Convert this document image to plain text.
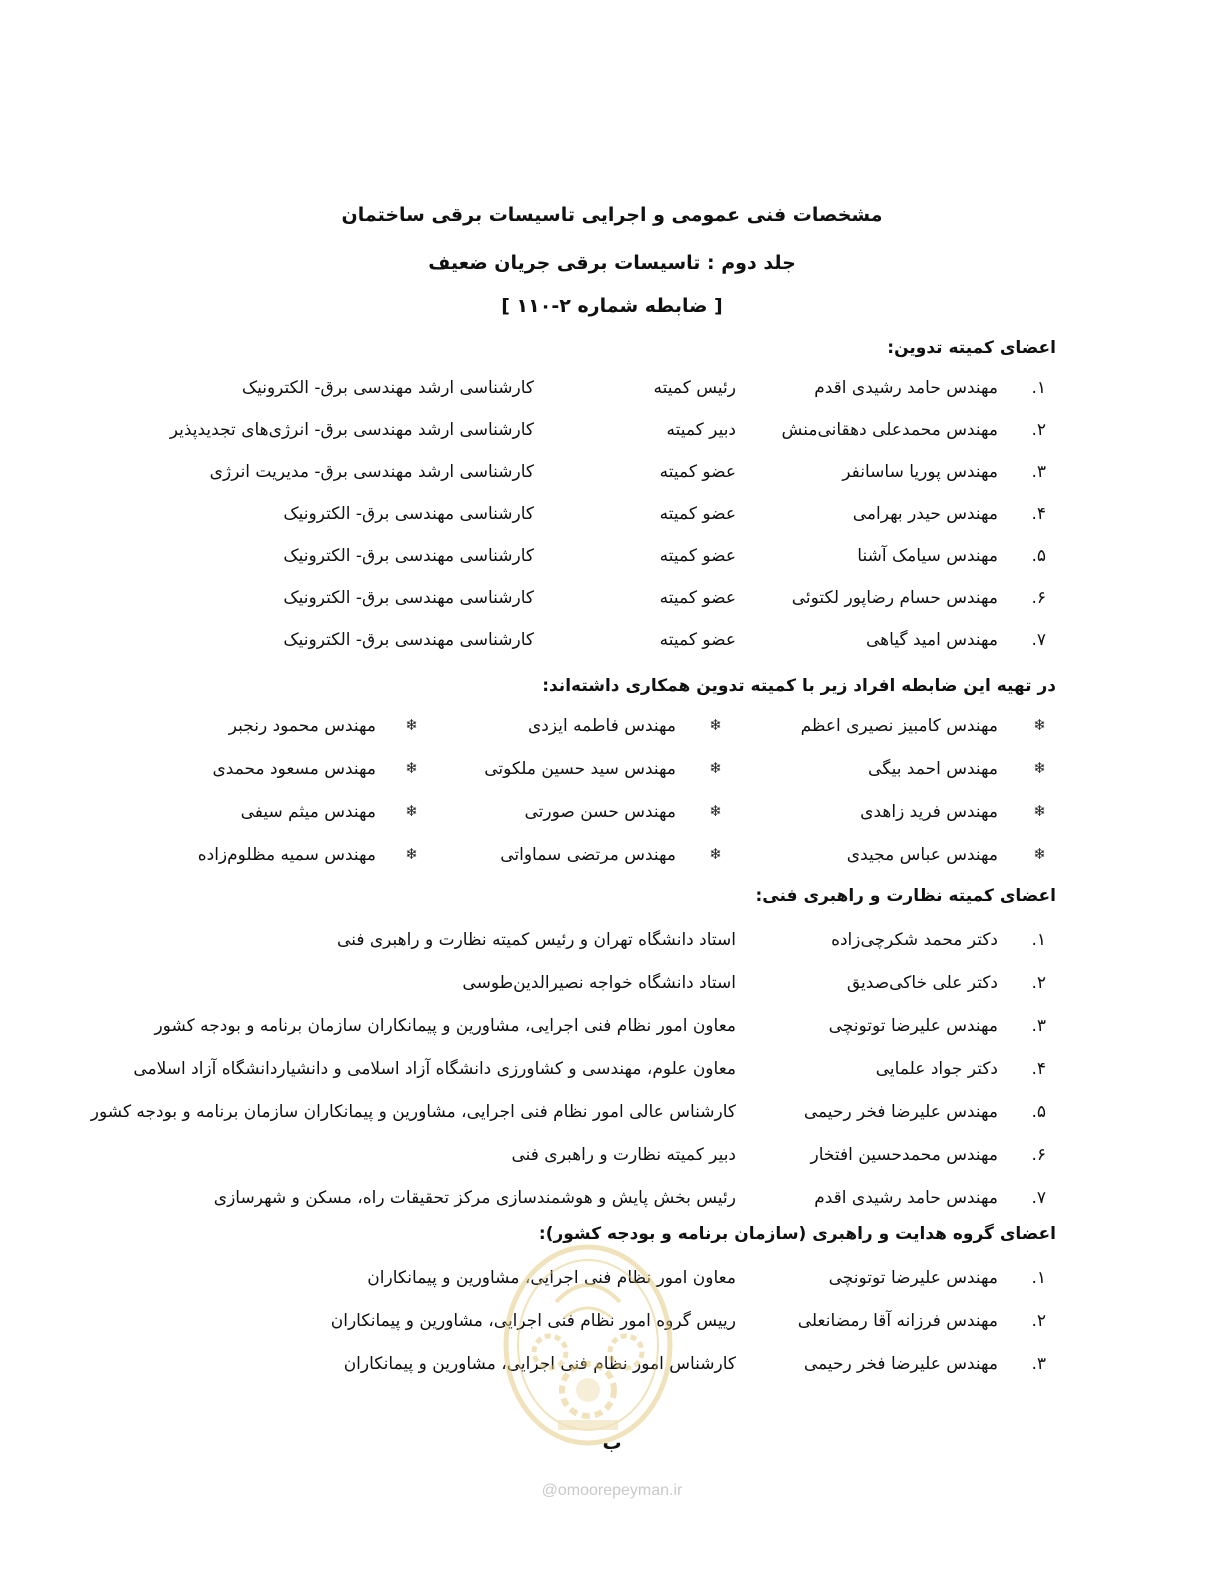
مشخصات فنی عمومی و اجرایی تاسیسات برقی ساختمان
جلد دوم : تاسیسات برقی جریان ضعیف
[ ضابطه شماره ۲-۱۱۰ ]
اعضای کمیته تدوین:
۱.
مهندس حامد رشیدی اقدم
رئیس کمیته
کارشناسی ارشد مهندسی برق- الکترونیک
۲.
مهندس محمدعلی دهقانی‌منش
دبیر کمیته
کارشناسی ارشد مهندسی برق- انرژی‌های تجدیدپذیر
۳.
مهندس پوریا ساسانفر
عضو کمیته
کارشناسی ارشد مهندسی برق- مدیریت انرژی
۴.
مهندس حیدر بهرامی
عضو کمیته
کارشناسی مهندسی برق- الکترونیک
۵.
مهندس سیامک آشنا
عضو کمیته
کارشناسی مهندسی برق- الکترونیک
۶.
مهندس حسام رضاپور لکتوئی
عضو کمیته
کارشناسی مهندسی برق- الکترونیک
۷.
مهندس امید گیاهی
عضو کمیته
کارشناسی مهندسی برق- الکترونیک
در تهیه این ضابطه افراد زیر با کمیته تدوین همکاری داشته‌اند:
❄
مهندس کامبیز نصیری اعظم
❄
مهندس فاطمه ایزدی
❄
مهندس محمود رنجبر
❄
مهندس احمد بیگی
❄
مهندس سید حسین ملکوتی
❄
مهندس مسعود محمدی
❄
مهندس فرید زاهدی
❄
مهندس حسن صورتی
❄
مهندس میثم سیفی
❄
مهندس عباس مجیدی
❄
مهندس مرتضی سماواتی
❄
مهندس سمیه مظلوم‌زاده
اعضای کمیته نظارت و راهبری فنی:
۱.
دکتر محمد شکرچی‌زاده
استاد دانشگاه تهران و رئیس کمیته نظارت و راهبری فنی
۲.
دکتر علی خاکی‌صدیق
استاد دانشگاه خواجه نصیرالدین‌طوسی
۳.
مهندس علیرضا توتونچی
معاون امور نظام فنی اجرایی، مشاورین و پیمانکاران سازمان برنامه و بودجه کشور
۴.
دکتر جواد علمایی
معاون علوم، مهندسی و کشاورزی دانشگاه آزاد اسلامی و دانشیاردانشگاه آزاد اسلامی
۵.
مهندس علیرضا فخر رحیمی
کارشناس عالی امور نظام فنی اجرایی، مشاورین و پیمانکاران سازمان برنامه و بودجه کشور
۶.
مهندس محمدحسین افتخار
دبیر کمیته نظارت و راهبری فنی
۷.
مهندس حامد رشیدی اقدم
رئیس بخش پایش و هوشمندسازی مرکز تحقیقات راه، مسکن و شهرسازی
اعضای گروه هدایت و راهبری (سازمان برنامه و بودجه کشور):
۱.
مهندس علیرضا توتونچی
معاون امور نظام فنی اجرایی، مشاورین و پیمانکاران
۲.
مهندس فرزانه آقا رمضانعلی
رییس گروه امور نظام فنی اجرایی، مشاورین و پیمانکاران
۳.
مهندس علیرضا فخر رحیمی
کارشناس امور نظام فنی اجرایی، مشاورین و پیمانکاران
ب
@omoorepeyman.ir
